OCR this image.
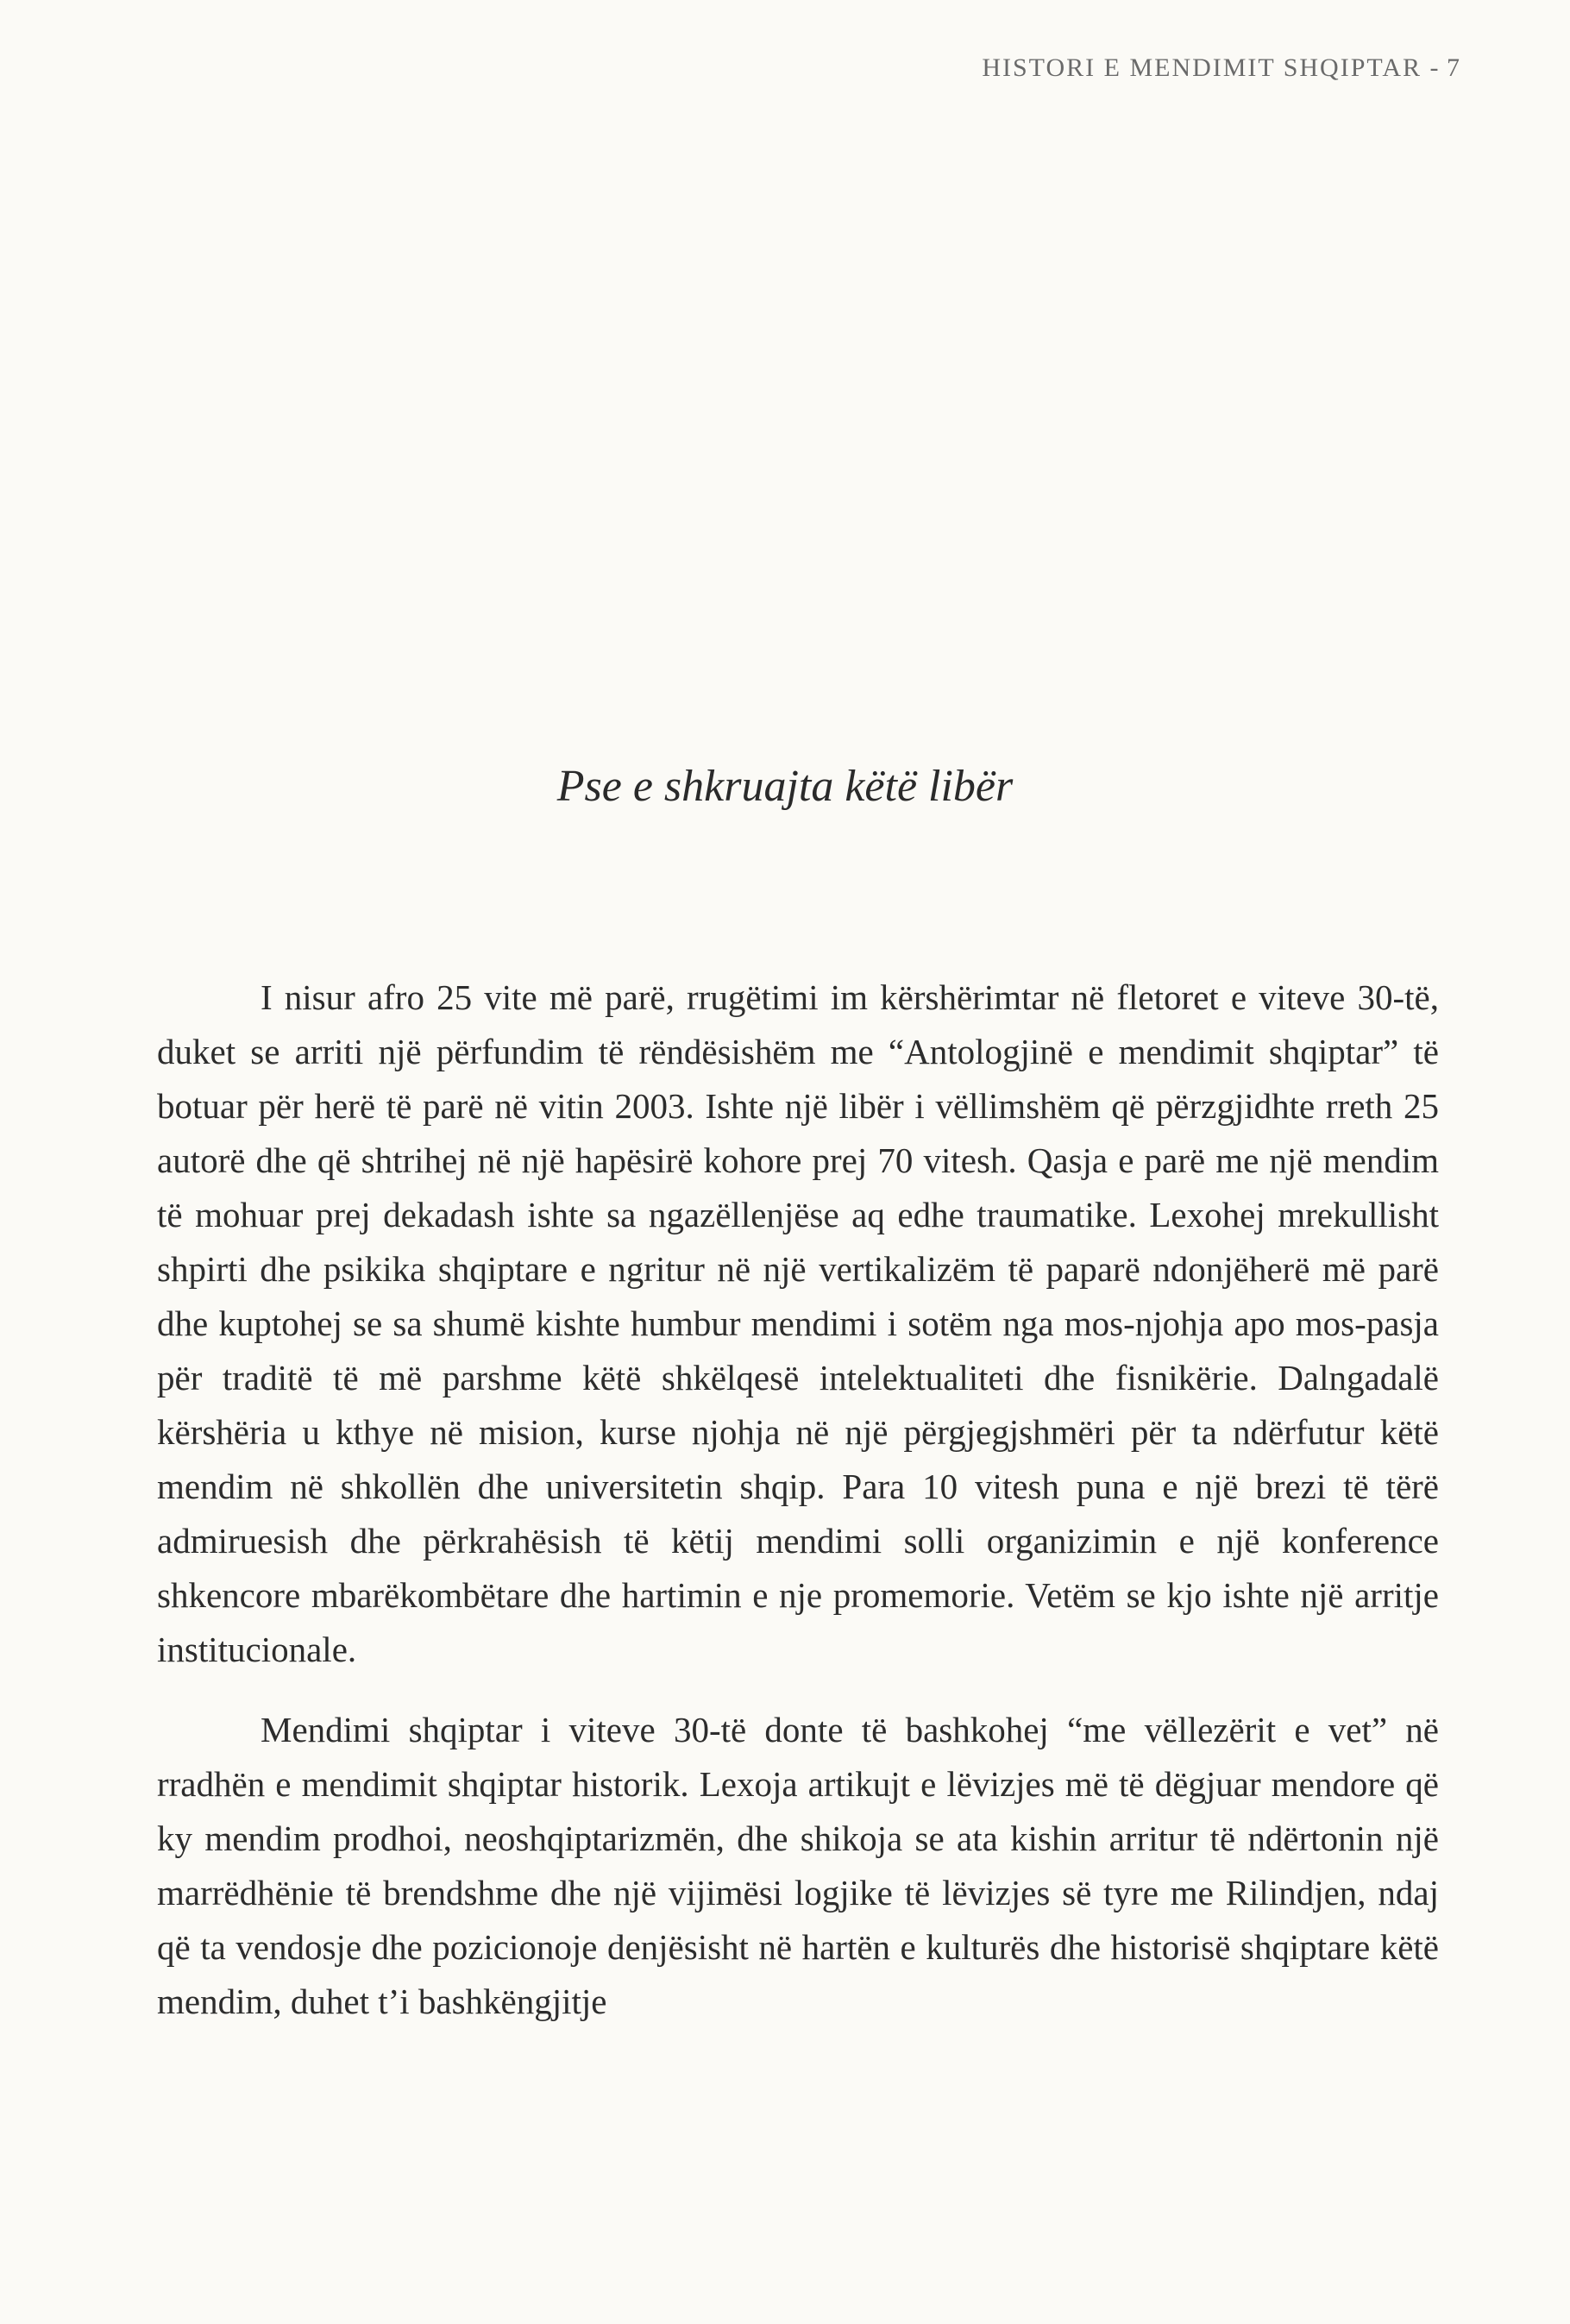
HISTORI E MENDIMIT SHQIPTAR - 7
Pse e shkruajta këtë libër

I nisur afro 25 vite më parë, rrugëtimi im kërshërimtar në fletoret e viteve 30-të, duket se arriti një përfundim të rëndësishëm me “Antologjinë e mendimit shqiptar” të botuar për herë të parë në vitin 2003. Ishte një libër i vëllimshëm që përzgjidhte rreth 25 autorë dhe që shtrihej në një hapësirë kohore prej 70 vitesh. Qasja e parë me një mendim të mohuar prej dekadash ishte sa ngazëllenjëse aq edhe traumatike. Lexohej mrekullisht shpirti dhe psikika shqiptare e ngritur në një vertikalizëm të paparë ndonjëherë më parë dhe kuptohej se sa shumë kishte humbur mendimi i sotëm nga mos-njohja apo mos-pasja për traditë të më parshme këtë shkëlqesë intelektualiteti dhe fisnikërie. Dalngadalë kërshëria u kthye në mision, kurse njohja në një përgjegjshmëri për ta ndërfutur këtë mendim në shkollën dhe universitetin shqip. Para 10 vitesh puna e një brezi të tërë admiruesish dhe përkrahësish të këtij mendimi solli organizimin e një konference shkencore mbarëkombëtare dhe hartimin e nje promemorie. Vetëm se kjo ishte një arritje institucionale.

Mendimi shqiptar i viteve 30-të donte të bashkohej “me vëllezërit e vet” në rradhën e mendimit shqiptar historik. Lexoja artikujt e lëvizjes më të dëgjuar mendore që ky mendim prodhoi, neoshqiptarizmën, dhe shikoja se ata kishin arritur të ndërtonin një marrëdhënie të brendshme dhe një vijimësi logjike të lëvizjes së tyre me Rilindjen, ndaj që ta vendosje dhe pozicionoje denjësisht në hartën e kulturës dhe historisë shqiptare këtë mendim, duhet t’i bashkëngjitje
